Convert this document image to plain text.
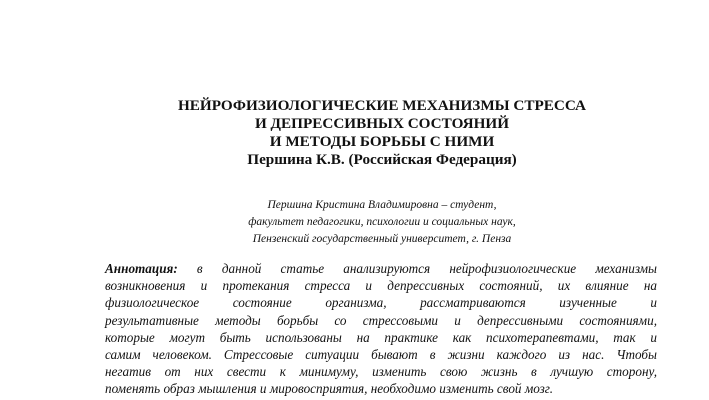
НЕЙРОФИЗИОЛОГИЧЕСКИЕ МЕХАНИЗМЫ СТРЕССА
И ДЕПРЕССИВНЫХ СОСТОЯНИЙ
И МЕТОДЫ БОРЬБЫ С НИМИ
Першина К.В. (Российская Федерация)
Першина Кристина Владимировна – студент,
факультет педагогики, психологии и социальных наук,
Пензенский государственный университет, г. Пенза
Аннотация: в данной статье анализируются нейрофизиологические механизмы
возникновения и протекания стресса и депрессивных состояний, их влияние на
физиологическое состояние организма, рассматриваются изученные и
результативные методы борьбы со стрессовыми и депрессивными состояниями,
которые могут быть использованы на практике как психотерапевтами, так и
самим человеком. Стрессовые ситуации бывают в жизни каждого из нас. Чтобы
негатив от них свести к минимуму, изменить свою жизнь в лучшую сторону,
поменять образ мышления и мировосприятия, необходимо изменить свой мозг.
